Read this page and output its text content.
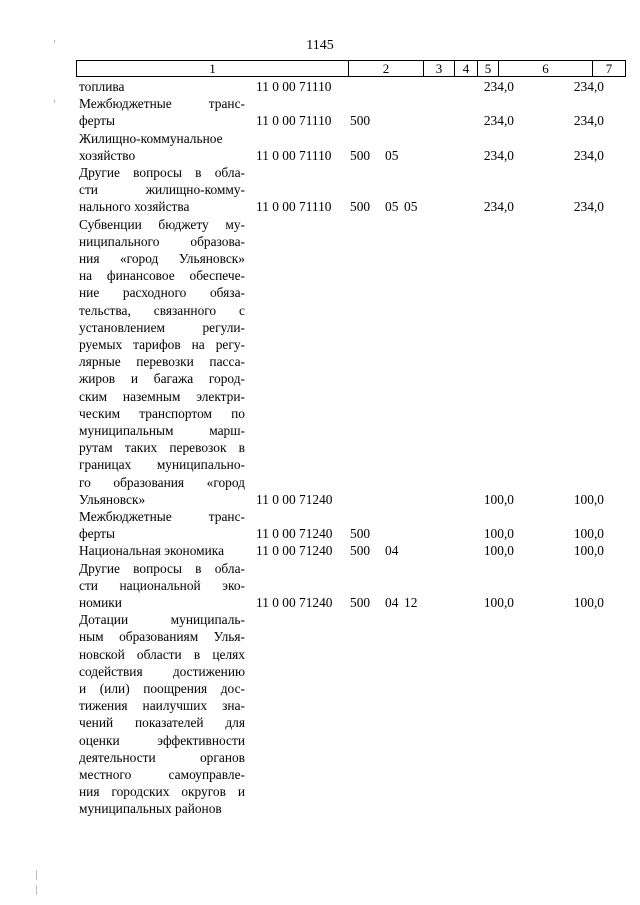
1145
1	2	3	4	5	6	7
топлива	11 0 00 71110	234,0	234,0
Межбюджетные транс-
ферты	11 0 00 71110 500	234,0	234,0
Жилищно-коммунальное
хозяйство	11 0 00 71110 500 05	234,0	234,0
Другие вопросы в обла-
сти жилищно-комму-
нального хозяйства	11 0 00 71110 500 05 05	234,0	234,0
Субвенции бюджету му-
ниципального образова-
ния «город Ульяновск»
на финансовое обеспече-
ние расходного обяза-
тельства, связанного с
установлением регули-
руемых тарифов на регу-
лярные перевозки пасса-
жиров и багажа город-
ским наземным электри-
ческим транспортом по
муниципальным марш-
рутам таких перевозок в
границах муниципально-
го образования «город
Ульяновск»	11 0 00 71240	100,0	100,0
Межбюджетные транс-
ферты	11 0 00 71240 500	100,0	100,0
Национальная экономика	11 0 00 71240 500 04	100,0	100,0
Другие вопросы в обла-
сти национальной эко-
номики	11 0 00 71240 500 04 12	100,0	100,0
Дотации муниципаль-
ным образованиям Улья-
новской области в целях
содействия достижению
и (или) поощрения дос-
тижения наилучших зна-
чений показателей для
оценки эффективности
деятельности органов
местного самоуправле-
ния городских округов и
муниципальных районов
